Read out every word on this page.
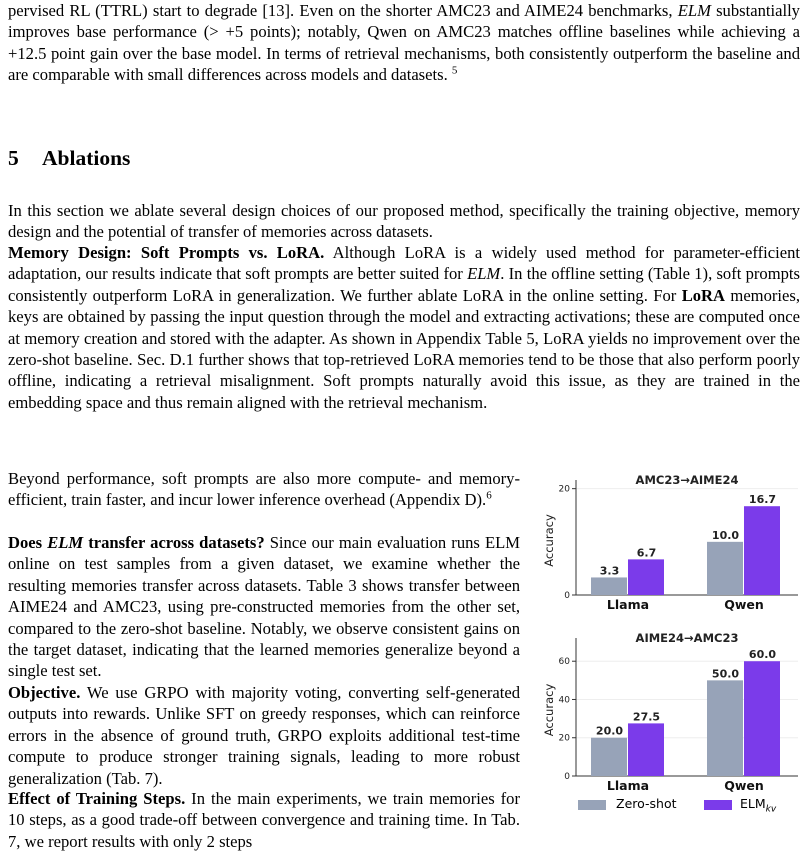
pervised RL (TTRL) start to degrade [13]. Even on the shorter AMC23 and AIME24 benchmarks, ELM substantially improves base performance (> +5 points); notably, Qwen on AMC23 matches offline baselines while achieving a +12.5 point gain over the base model. In terms of retrieval mechanisms, both consistently outperform the baseline and are comparable with small differences across models and datasets. $^5$

5 Ablations

In this section we ablate several design choices of our proposed method, specifically the training objective, memory design and the potential of transfer of memories across datasets.

Memory Design: Soft Prompts vs. LoRA. Although LoRA is a widely used method for parameter-efficient adaptation, our results indicate that soft prompts are better suited for ELM. In the offline setting (Table 1), soft prompts consistently outperform LoRA in generalization. We further ablate LoRA in the online setting. For LoRA memories, keys are obtained by passing the input question through the model and extracting activations; these are computed once at memory creation and stored with the adapter. As shown in Appendix Table 5, LoRA yields no improvement over the zero-shot baseline. Sec. D.1 further shows that top-retrieved LoRA memories tend to be those that also perform poorly offline, indicating a retrieval misalignment. Soft prompts naturally avoid this issue, as they are trained in the embedding space and thus remain aligned with the retrieval mechanism.

Beyond performance, soft prompts are also more compute- and memory-efficient, train faster, and incur lower inference overhead (Appendix D).$^6$

Does ELM transfer across datasets? Since our main evaluation runs ELM online on test samples from a given dataset, we examine whether the resulting memories transfer across datasets. Table 3 shows transfer between AIME24 and AMC23, using pre-constructed memories from the other set, compared to the zero-shot baseline. Notably, we observe consistent gains on the target dataset, indicating that the learned memories generalize beyond a single test set.

Objective. We use GRPO with majority voting, converting self-generated outputs into rewards. Unlike SFT on greedy responses, which can reinforce errors in the absence of ground truth, GRPO exploits additional test-time compute to produce stronger training signals, leading to more robust generalization (Tab. 7).

Effect of Training Steps. In the main experiments, we train memories for 10 steps, as a good trade-off between convergence and training time. In Tab. 7, we report results with only 2 steps

0
20
AMC23→AIME24
Accuracy
3.3
6.7
Llama
10.0
16.7
Qwen
0
20
40
60
AIME24→AMC23
Accuracy	20.0
27.5
Llama
50.0
60.0
Qwen
Zero-shot	$ELM_{kv}$
